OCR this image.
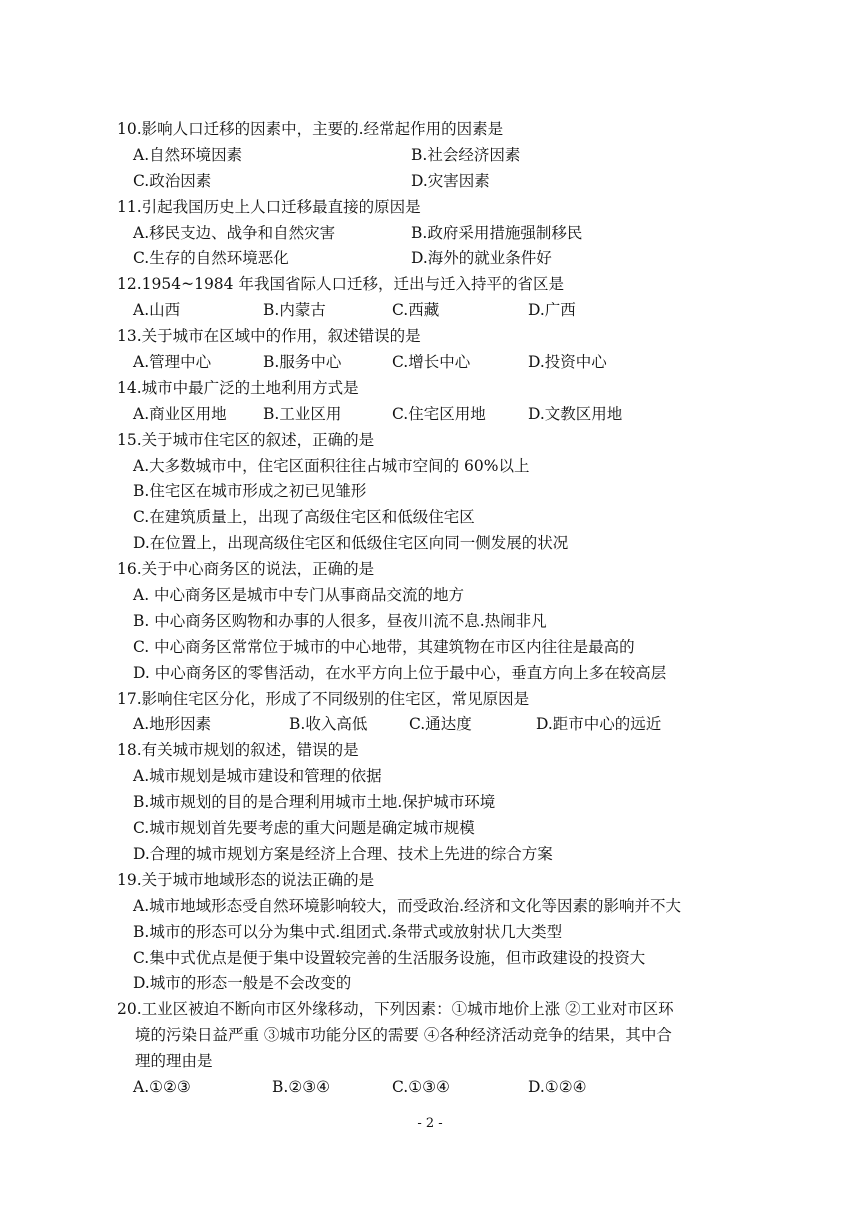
10.影响人口迁移的因素中，主要的.经常起作用的因素是
A.自然环境因素	B.社会经济因素
C.政治因素	D.灾害因素
11.引起我国历史上人口迁移最直接的原因是
A.移民支边、战争和自然灾害	B.政府采用措施强制移民
C.生存的自然环境恶化	D.海外的就业条件好
12.1954~1984 年我国省际人口迁移，迁出与迁入持平的省区是
A.山西	B.内蒙古	C.西藏	D.广西
13.关于城市在区域中的作用，叙述错误的是
A.管理中心	B.服务中心	C.增长中心	D.投资中心
14.城市中最广泛的土地利用方式是
A.商业区用地 B.工业区用	C.住宅区用地	D.文教区用地
15.关于城市住宅区的叙述，正确的是
A.大多数城市中，住宅区面积往往占城市空间的 60%以上
B.住宅区在城市形成之初已见雏形
C.在建筑质量上，出现了高级住宅区和低级住宅区
D.在位置上，出现高级住宅区和低级住宅区向同一侧发展的状况
16.关于中心商务区的说法，正确的是
A. 中心商务区是城市中专门从事商品交流的地方
B. 中心商务区购物和办事的人很多，昼夜川流不息.热闹非凡
C. 中心商务区常常位于城市的中心地带，其建筑物在市区内往往是最高的
D. 中心商务区的零售活动，在水平方向上位于最中心，垂直方向上多在较高层
17.影响住宅区分化，形成了不同级别的住宅区，常见原因是
A.地形因素	B.收入高低	C.通达度	D.距市中心的远近
18.有关城市规划的叙述，错误的是
A.城市规划是城市建设和管理的依据
B.城市规划的目的是合理利用城市土地.保护城市环境
C.城市规划首先要考虑的重大问题是确定城市规模
D.合理的城市规划方案是经济上合理、技术上先进的综合方案
19.关于城市地域形态的说法正确的是
A.城市地域形态受自然环境影响较大，而受政治.经济和文化等因素的影响并不大
B.城市的形态可以分为集中式.组团式.条带式或放射状几大类型
C.集中式优点是便于集中设置较完善的生活服务设施，但市政建设的投资大
D.城市的形态一般是不会改变的
20.工业区被迫不断向市区外缘移动，下列因素：①城市地价上涨 ②工业对市区环
境的污染日益严重 ③城市功能分区的需要 ④各种经济活动竞争的结果，其中合
理的理由是
A.①②③	B.②③④	C.①③④	D.①②④
- 2 -
